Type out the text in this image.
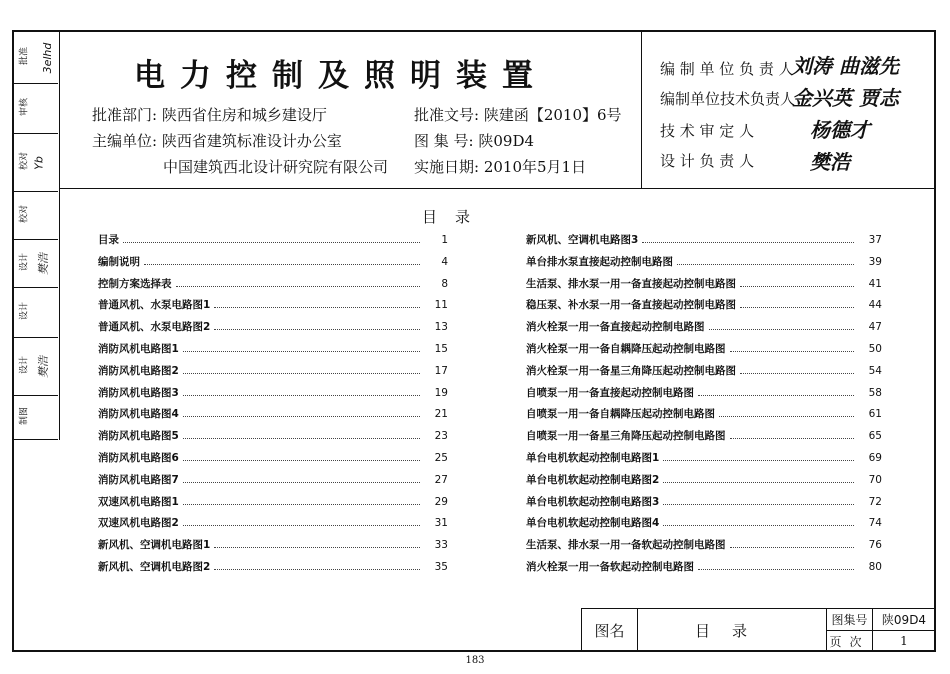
批准 3elhd
审核
校对 Yb
校对
设计 樊浩
设计
设计 樊浩
制图
电力控制及照明装置
批准部门: 陕西省住房和城乡建设厅
主编单位: 陕西省建筑标准设计办公室
中国建筑西北设计研究院有限公司
批准文号: 陕建函【2010】6号
图 集 号: 陕09D4
实施日期: 2010年5月1日
编 制 单 位 负 责 人
刘涛 曲滋先
编制单位技术负责人
金兴英 贾志
技 术 审 定 人	杨德才
设 计 负 责 人	樊浩
目录
目录	1
编制说明	4
控制方案选择表	8
普通风机、水泵电路图1	11
普通风机、水泵电路图2	13
消防风机电路图1	15
消防风机电路图2	17
消防风机电路图3	19
消防风机电路图4	21
消防风机电路图5	23
消防风机电路图6	25
消防风机电路图7	27
双速风机电路图1	29
双速风机电路图2	31
新风机、空调机电路图1	33
新风机、空调机电路图2	35
新风机、空调机电路图3	37
单台排水泵直接起动控制电路图	39
生活泵、排水泵一用一备直接起动控制电路图	41
稳压泵、补水泵一用一备直接起动控制电路图	44
消火栓泵一用一备直接起动控制电路图	47
消火栓泵一用一备自耦降压起动控制电路图	50
消火栓泵一用一备星三角降压起动控制电路图	54
自喷泵一用一备直接起动控制电路图	58
自喷泵一用一备自耦降压起动控制电路图	61
自喷泵一用一备星三角降压起动控制电路图	65
单台电机软起动控制电路图1	69
单台电机软起动控制电路图2	70
单台电机软起动控制电路图3	72
单台电机软起动控制电路图4	74
生活泵、排水泵一用一备软起动控制电路图	76
消火栓泵一用一备软起动控制电路图	80
图名	目录
图集号	陕09D4
页次	1
183
